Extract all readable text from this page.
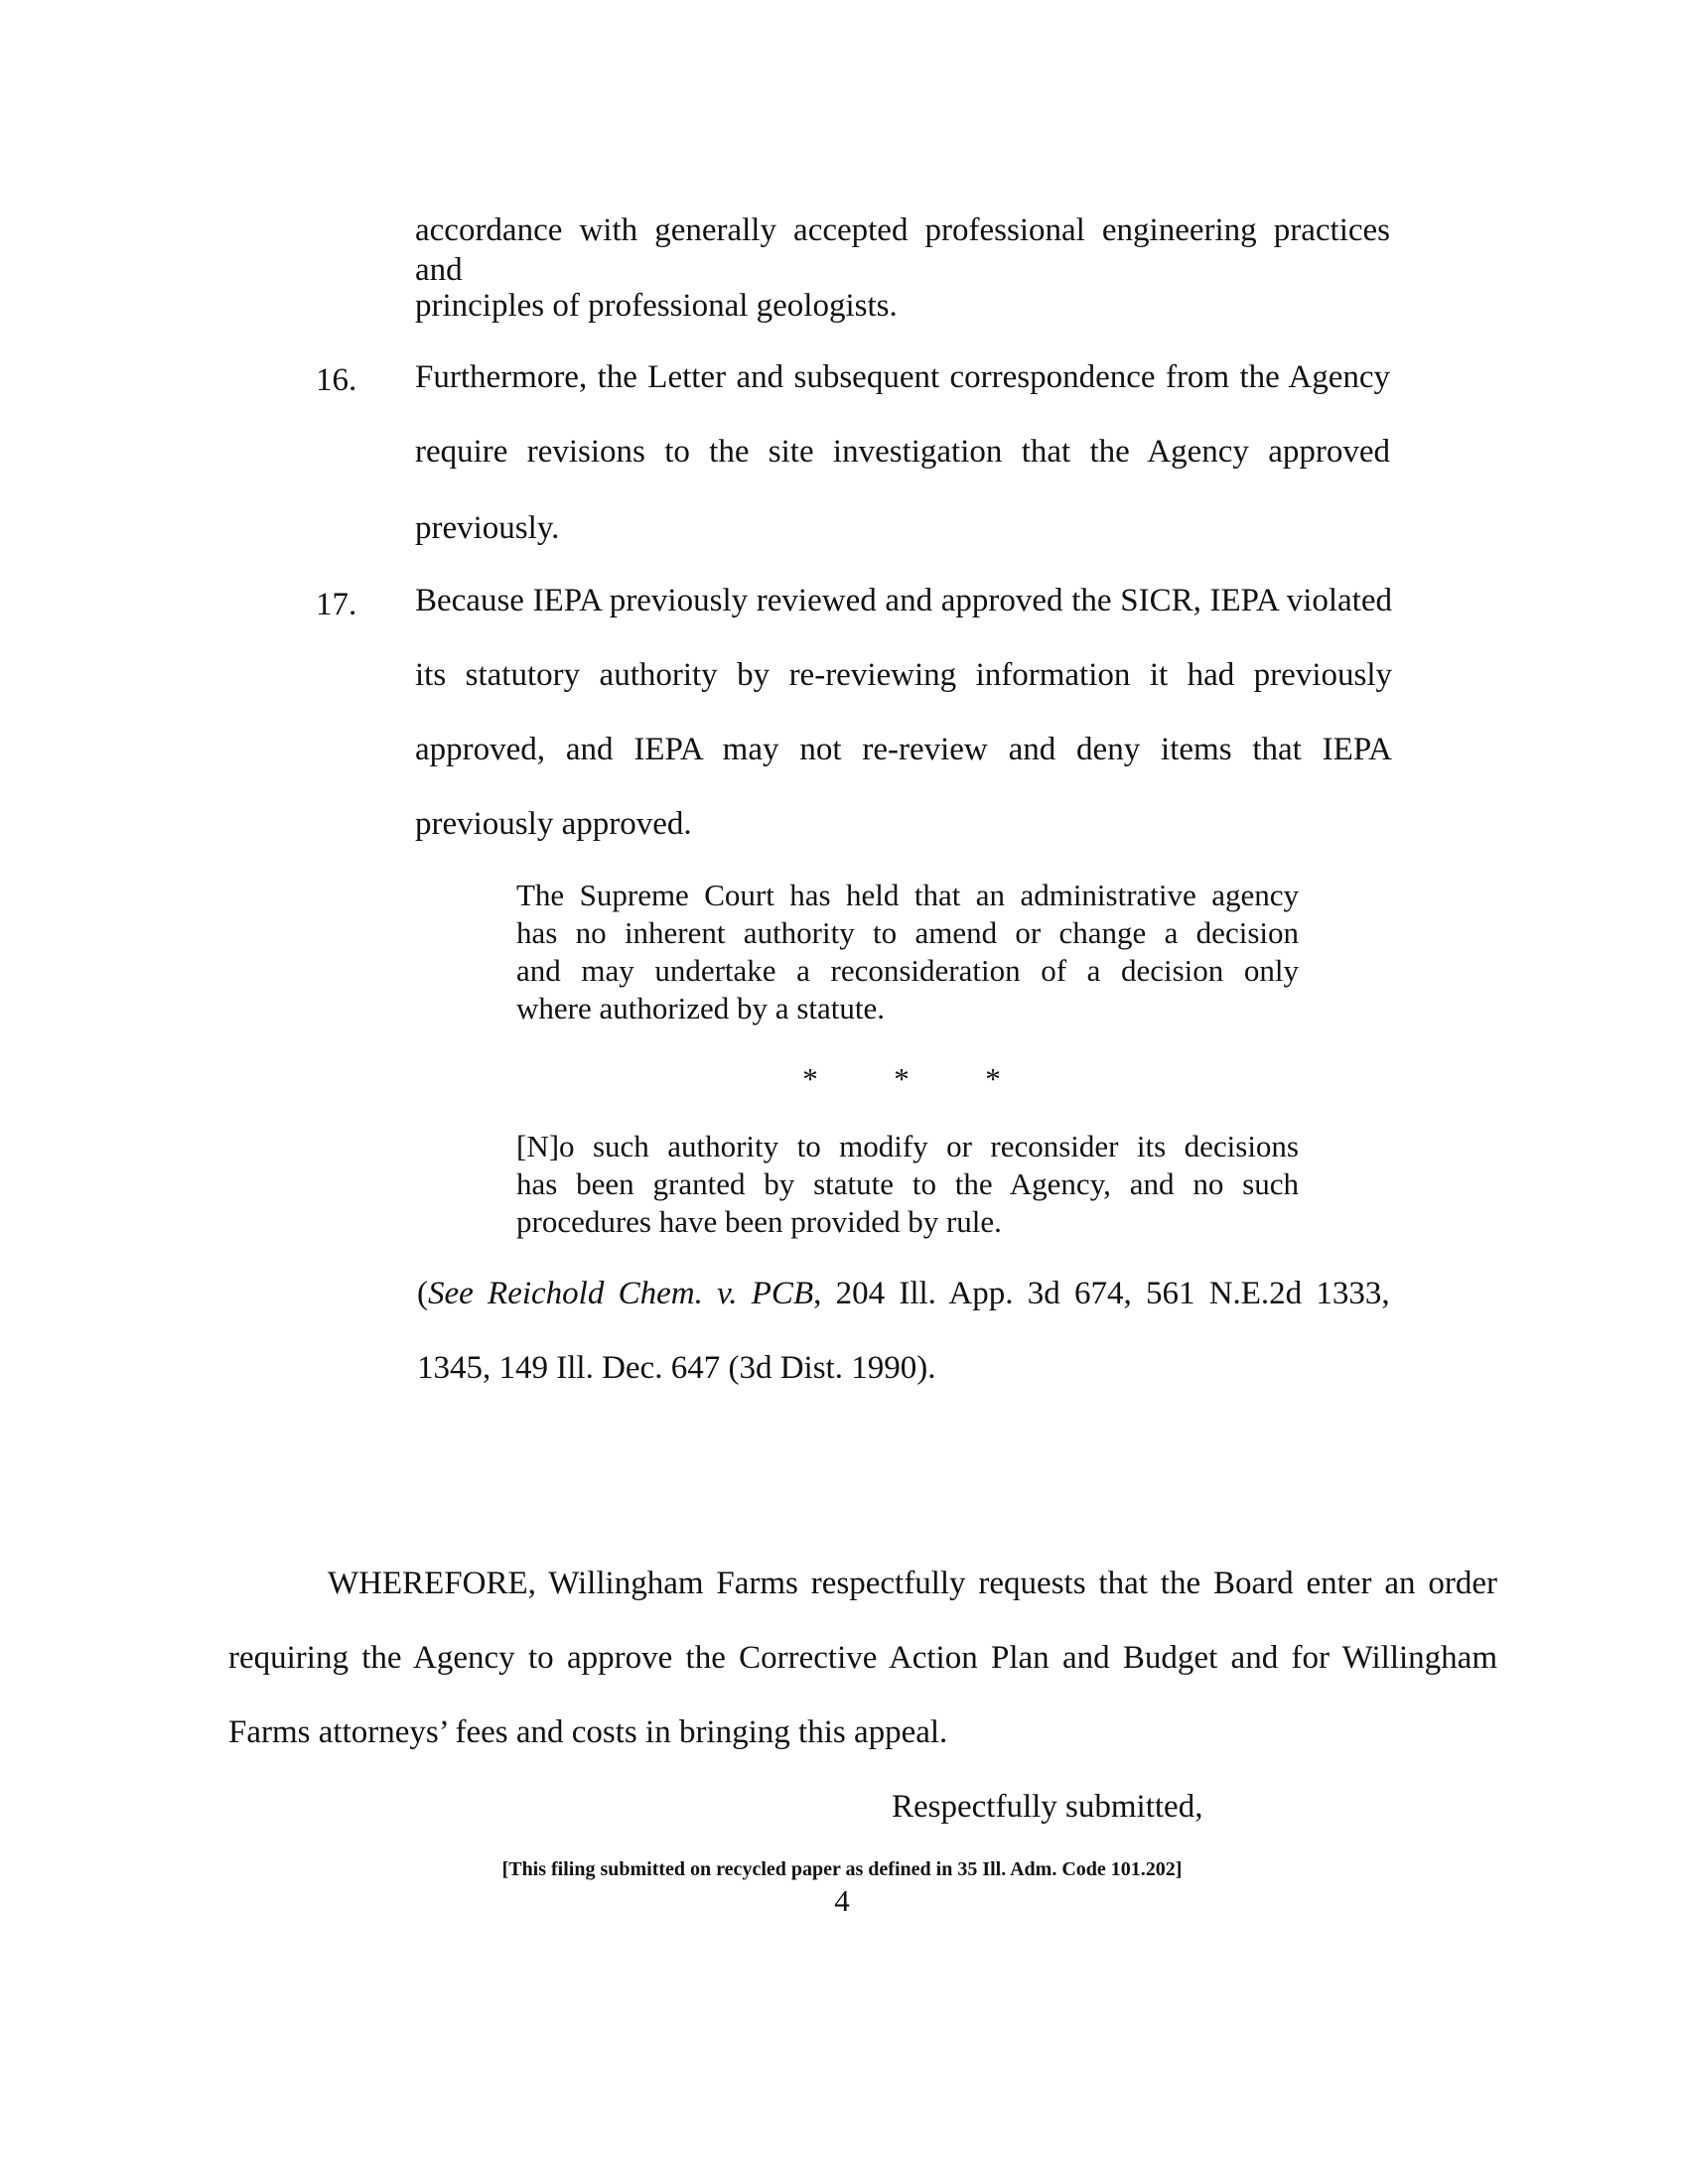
accordance with generally accepted professional engineering practices and
principles of professional geologists.
16. Furthermore, the Letter and subsequent correspondence from the Agency
require revisions to the site investigation that the Agency approved
previously.
17. Because IEPA previously reviewed and approved the SICR, IEPA violated
its statutory authority by re-reviewing information it had previously
approved, and IEPA may not re-review and deny items that IEPA
previously approved.
The Supreme Court has held that an administrative agency
has no inherent authority to amend or change a decision
and may undertake a reconsideration of a decision only
where authorized by a statute.
* * *
[N]o such authority to modify or reconsider its decisions
has been granted by statute to the Agency, and no such
procedures have been provided by rule.
(See Reichold Chem. v. PCB, 204 Ill. App. 3d 674, 561 N.E.2d 1333,
1345, 149 Ill. Dec. 647 (3d Dist. 1990).
WHEREFORE, Willingham Farms respectfully requests that the Board enter an order
requiring the Agency to approve the Corrective Action Plan and Budget and for Willingham
Farms attorneys’ fees and costs in bringing this appeal.
Respectfully submitted,
[This filing submitted on recycled paper as defined in 35 Ill. Adm. Code 101.202]
4
